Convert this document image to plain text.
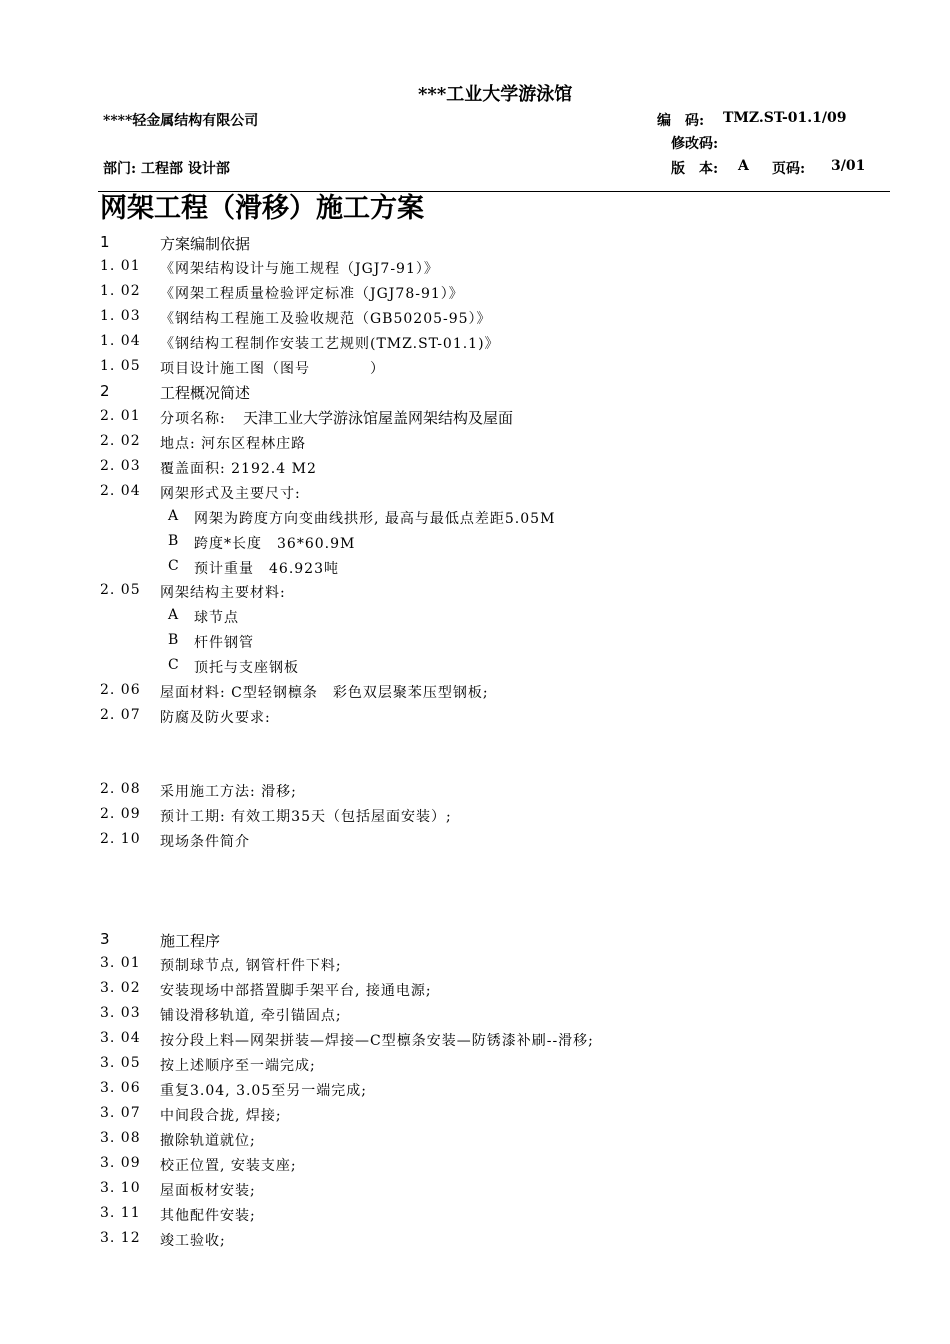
***工业大学游泳馆
****轻金属结构有限公司	编　码: TMZ.ST-01.1/09
修改码:
部门: 工程部 设计部	版　本: A 页码: 3/01
网架工程（滑移）施工方案
1	方案编制依据
1. 01 《网架结构设计与施工规程（JGJ7-91）》
1. 02 《网架工程质量检验评定标准（JGJ78-91）》
1. 03 《钢结构工程施工及验收规范（GB50205-95）》
1. 04 《钢结构工程制作安装工艺规则(TMZ.ST-01.1)》
1. 05 项目设计施工图（图号　　　　）
2	工程概况简述
2. 01 分项名称: 天津工业大学游泳馆屋盖网架结构及屋面
2. 02 地点: 河东区程林庄路
2. 03 覆盖面积: 2192.4 M2
2. 04 网架形式及主要尺寸:
A 网架为跨度方向变曲线拱形, 最高与最低点差距5.05M
B 跨度*长度　36*60.9M
C 预计重量　46.923吨
2. 05 网架结构主要材料:
A 球节点
B 杆件钢管
C 顶托与支座钢板
2. 06 屋面材料: C型轻钢檩条　彩色双层聚苯压型钢板;
2. 07 防腐及防火要求:
2. 08 采用施工方法: 滑移;
2. 09 预计工期: 有效工期35天（包括屋面安装）;
2. 10 现场条件简介
3	施工程序
3. 01 预制球节点, 钢管杆件下料;
3. 02 安装现场中部搭置脚手架平台, 接通电源;
3. 03 铺设滑移轨道, 牵引锚固点;
3. 04 按分段上料—网架拼装—焊接—C型檩条安装—防锈漆补刷--滑移;
3. 05 按上述顺序至一端完成;
3. 06 重复3.04, 3.05至另一端完成;
3. 07 中间段合拢, 焊接;
3. 08 撤除轨道就位;
3. 09 校正位置, 安装支座;
3. 10 屋面板材安装;
3. 11 其他配件安装;
3. 12 竣工验收;
